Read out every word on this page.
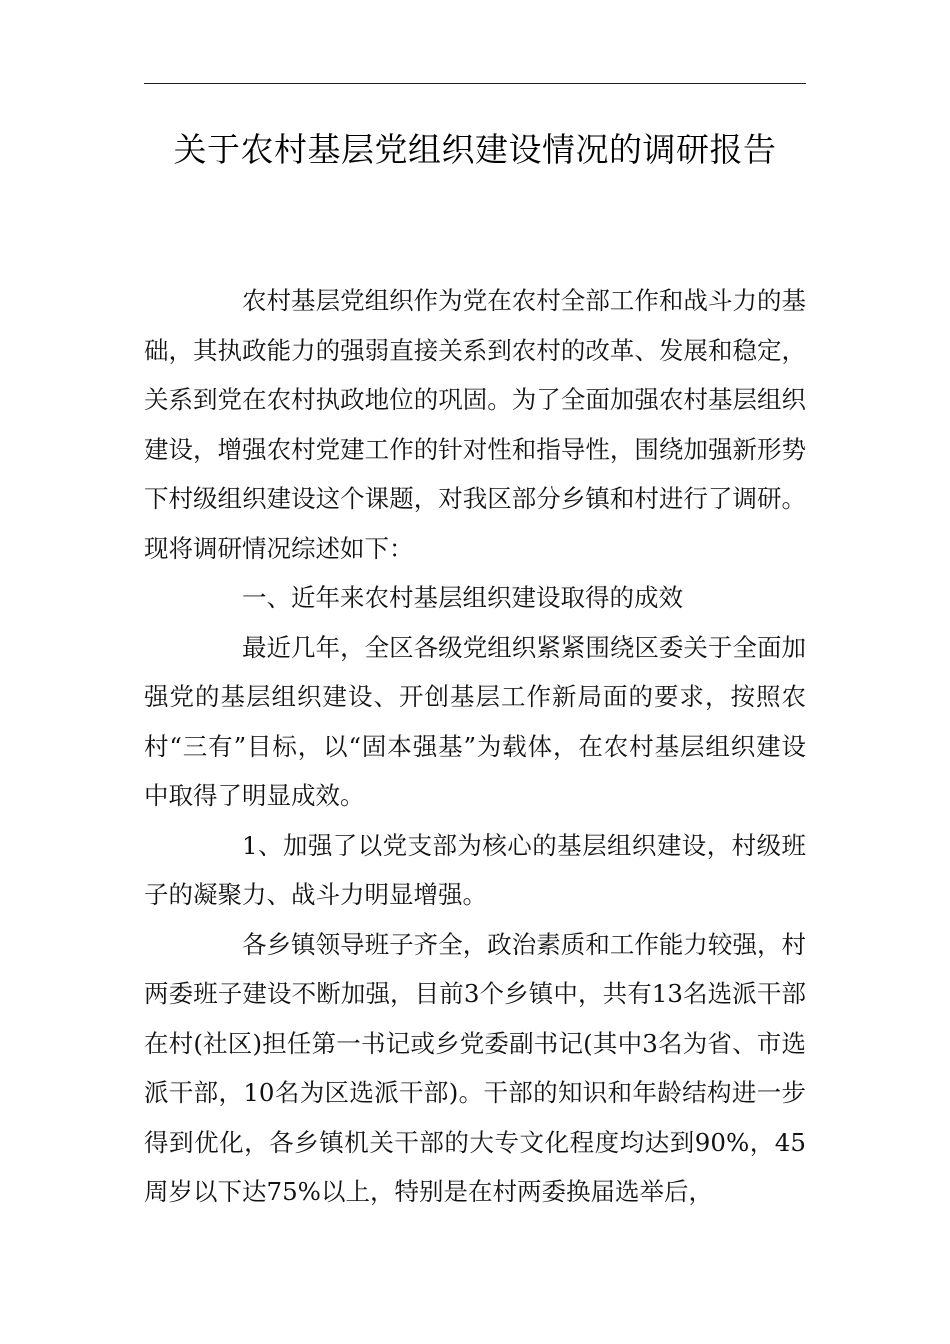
关于农村基层党组织建设情况的调研报告

农村基层党组织作为党在农村全部工作和战斗力的基础，其执政能力的强弱直接关系到农村的改革、发展和稳定，关系到党在农村执政地位的巩固。为了全面加强农村基层组织建设，增强农村党建工作的针对性和指导性，围绕加强新形势下村级组织建设这个课题，对我区部分乡镇和村进行了调研。现将调研情况综述如下：

一、近年来农村基层组织建设取得的成效

最近几年，全区各级党组织紧紧围绕区委关于全面加强党的基层组织建设、开创基层工作新局面的要求，按照农村“三有”目标，以“固本强基”为载体，在农村基层组织建设中取得了明显成效。

1、加强了以党支部为核心的基层组织建设，村级班子的凝聚力、战斗力明显增强。

各乡镇领导班子齐全，政治素质和工作能力较强，村两委班子建设不断加强，目前3个乡镇中，共有13名选派干部在村(社区)担任第一书记或乡党委副书记(其中3名为省、市选派干部，10名为区选派干部)。干部的知识和年龄结构进一步得到优化，各乡镇机关干部的大专文化程度均达到90%，45周岁以下达75%以上，特别是在村两委换届选举后，
